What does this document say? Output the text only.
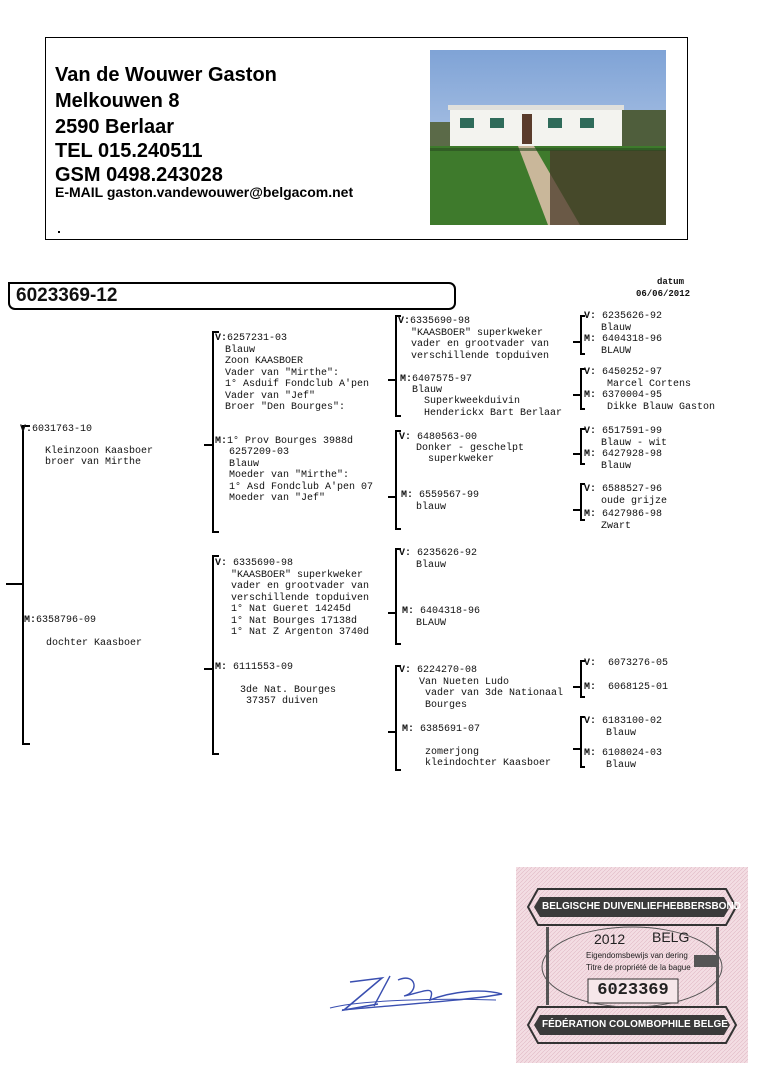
Van de Wouwer Gaston
Melkouwen 8
2590 Berlaar
TEL 015.240511
GSM 0498.243028
E-MAIL gaston.vandewouwer@belgacom.net
6023369-12
datum
06/06/2012
V:6031763-10
Kleinzoon Kaasboer
broer van Mirthe
M:6358796-09
dochter Kaasboer
V:6257231-03
Blauw
Zoon KAASBOER
Vader van "Mirthe":
1° Asduif Fondclub A'pen
Vader van "Jef"
Broer "Den Bourges":
M:1° Prov Bourges 3988d
6257209-03
Blauw
Moeder van "Mirthe":
1° Asd Fondclub A'pen 07
Moeder van "Jef"
V: 6335690-98
"KAASBOER" superkweker
vader en grootvader van
verschillende topduiven
1° Nat Gueret 14245d
1° Nat Bourges 17138d
1° Nat Z Argenton 3740d
M: 6111553-09
3de Nat. Bourges
37357 duiven
V:6335690-98
"KAASBOER" superkweker
vader en grootvader van
verschillende topduiven
M:6407575-97
Blauw
Superkweekduivin
Henderickx Bart Berlaar
V: 6480563-00
Donker - geschelpt
superkweker
M: 6559567-99
blauw
V: 6235626-92
Blauw
M: 6404318-96
BLAUW
V: 6224270-08
Van Nueten Ludo
vader van 3de Nationaal
Bourges
M: 6385691-07
zomerjong
kleindochter Kaasboer
V: 6235626-92
Blauw
M: 6404318-96
BLAUW
V: 6450252-97
Marcel Cortens
M: 6370004-95
Dikke Blauw Gaston
V: 6517591-99
Blauw - wit
M: 6427928-98
Blauw
V: 6588527-96
oude grijze
M: 6427986-98
Zwart
V:  6073276-05
M:  6068125-01
V: 6183100-02
Blauw
M: 6108024-03
Blauw
BELGISCHE DUIVENLIEFHEBBERSBOND
2012 BELG
Eigendomsbewijs van dering
Titre de propriété de la bague
6023369
FÉDÉRATION COLOMBOPHILE BELGE
